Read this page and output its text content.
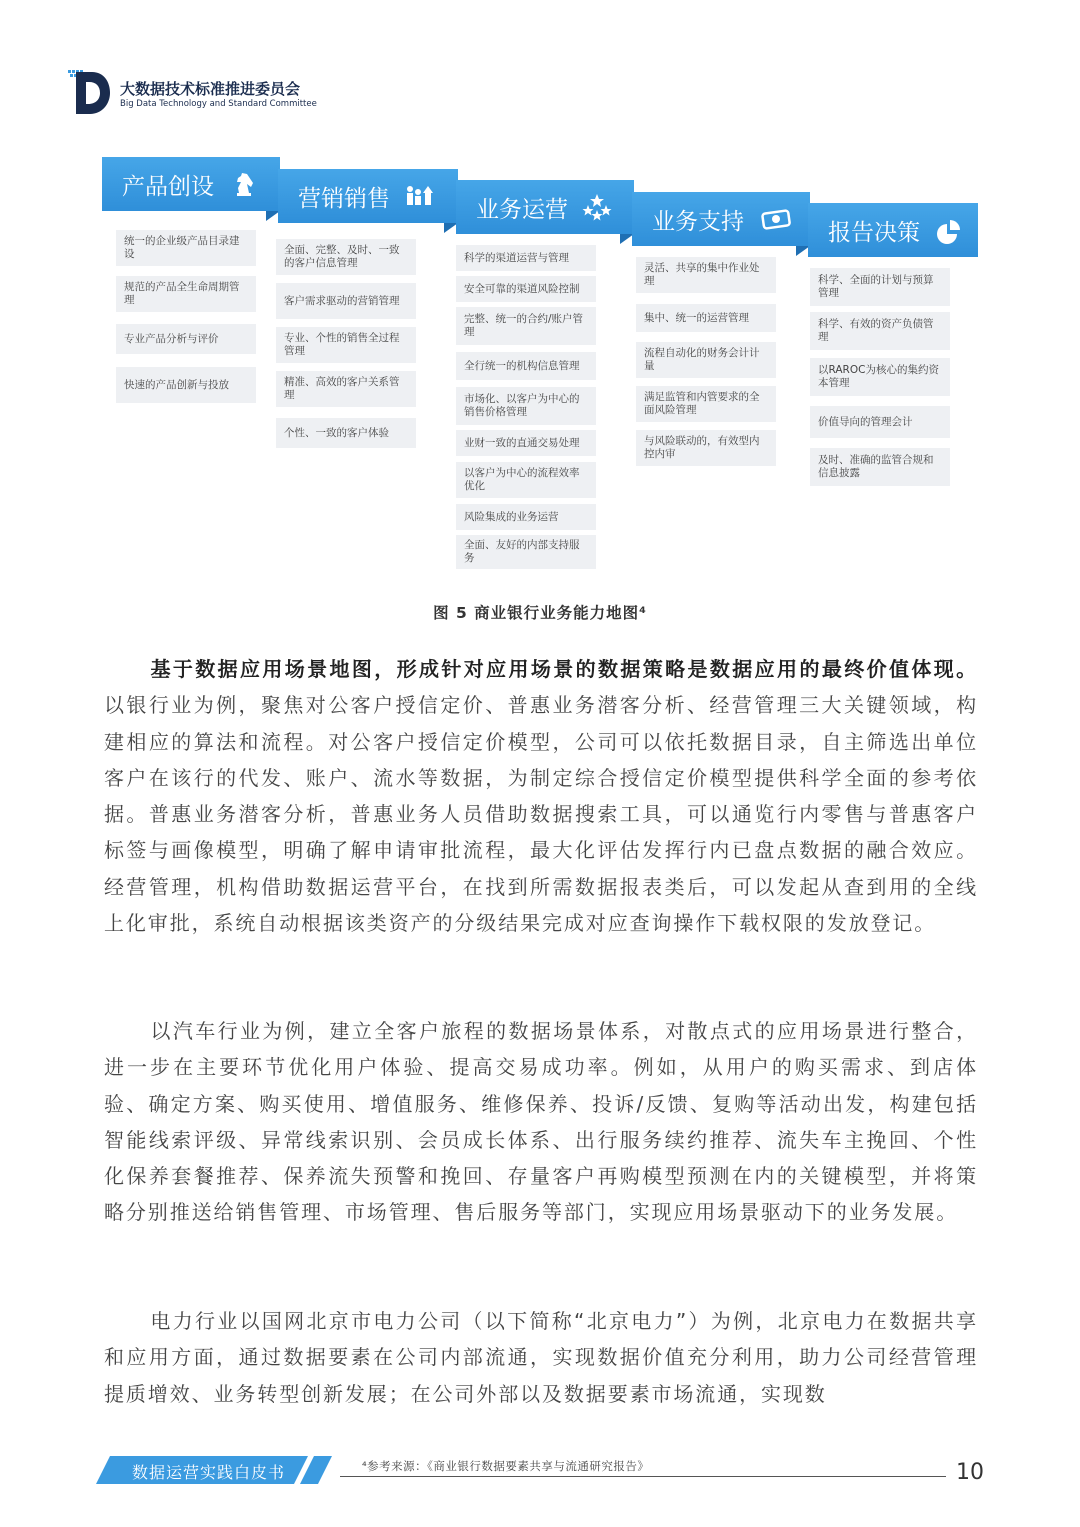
大数据技术标准推进委员会
Big Data Technology and Standard Committee
产品创设	营销销售	业务运营	业务支持	报告决策
统一的企业级产品目录建设
规范的产品全生命周期管理
专业产品分析与评价
快速的产品创新与投放
全面、完整、及时、一致的客户信息管理
客户需求驱动的营销管理
专业、个性的销售全过程管理
精准、高效的客户关系管理
个性、一致的客户体验
科学的渠道运营与管理
安全可靠的渠道风险控制
完整、统一的合约/账户管理
全行统一的机构信息管理
市场化、以客户为中心的销售价格管理
业财一致的直通交易处理
以客户为中心的流程效率优化
风险集成的业务运营
全面、友好的内部支持服务
灵活、共享的集中作业处理
集中、统一的运营管理
流程自动化的财务会计计量
满足监管和内管要求的全面风险管理
与风险联动的，有效型内控内审
科学、全面的计划与预算管理
科学、有效的资产负债管理
以RAROC为核心的集约资本管理
价值导向的管理会计
及时、准确的监管合规和信息披露
图 5 商业银行业务能力地图⁴

基于数据应用场景地图，形成针对应用场景的数据策略是数据应用的最终价值体现。以银行业为例，聚焦对公客户授信定价、普惠业务潜客分析、经营管理三大关键领域，构建相应的算法和流程。对公客户授信定价模型，公司可以依托数据目录，自主筛选出单位客户在该行的代发、账户、流水等数据，为制定综合授信定价模型提供科学全面的参考依据。普惠业务潜客分析，普惠业务人员借助数据搜索工具，可以通览行内零售与普惠客户标签与画像模型，明确了解申请审批流程，最大化评估发挥行内已盘点数据的融合效应。经营管理，机构借助数据运营平台，在找到所需数据报表类后，可以发起从查到用的全线上化审批，系统自动根据该类资产的分级结果完成对应查询操作下载权限的发放登记。

以汽车行业为例，建立全客户旅程的数据场景体系，对散点式的应用场景进行整合，进一步在主要环节优化用户体验、提高交易成功率。例如，从用户的购买需求、到店体验、确定方案、购买使用、增值服务、维修保养、投诉/反馈、复购等活动出发，构建包括智能线索评级、异常线索识别、会员成长体系、出行服务续约推荐、流失车主挽回、个性化保养套餐推荐、保养流失预警和挽回、存量客户再购模型预测在内的关键模型，并将策略分别推送给销售管理、市场管理、售后服务等部门，实现应用场景驱动下的业务发展。

电力行业以国网北京市电力公司（以下简称“北京电力”）为例，北京电力在数据共享和应用方面，通过数据要素在公司内部流通，实现数据价值充分利用，助力公司经营管理提质增效、业务转型创新发展；在公司外部以及数据要素市场流通，实现数

数据运营实践白皮书	⁴参考来源：《商业银行数据要素共享与流通研究报告》	10
